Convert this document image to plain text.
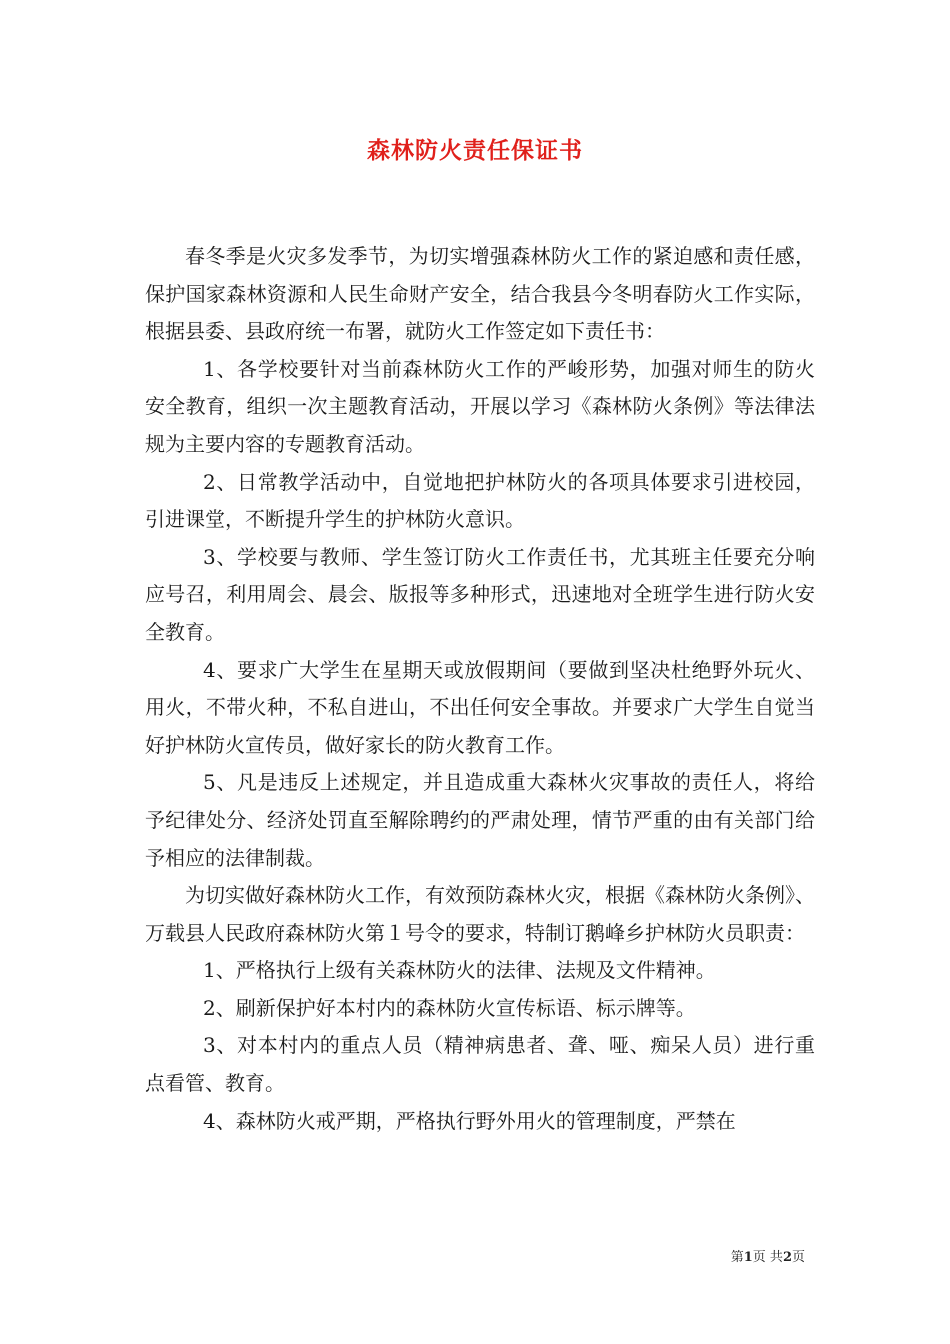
森林防火责任保证书

春冬季是火灾多发季节，为切实增强森林防火工作的紧迫感和责任感，保护国家森林资源和人民生命财产安全，结合我县今冬明春防火工作实际，根据县委、县政府统一布署，就防火工作签定如下责任书：

1、各学校要针对当前森林防火工作的严峻形势，加强对师生的防火安全教育，组织一次主题教育活动，开展以学习《森林防火条例》等法律法规为主要内容的专题教育活动。

2、日常教学活动中，自觉地把护林防火的各项具体要求引进校园，引进课堂，不断提升学生的护林防火意识。

3、学校要与教师、学生签订防火工作责任书，尤其班主任要充分响应号召，利用周会、晨会、版报等多种形式，迅速地对全班学生进行防火安全教育。

4、要求广大学生在星期天或放假期间（要做到坚决杜绝野外玩火、用火，不带火种，不私自进山，不出任何安全事故。并要求广大学生自觉当好护林防火宣传员，做好家长的防火教育工作。

5、凡是违反上述规定，并且造成重大森林火灾事故的责任人，将给予纪律处分、经济处罚直至解除聘约的严肃处理，情节严重的由有关部门给予相应的法律制裁。

为切实做好森林防火工作，有效预防森林火灾，根据《森林防火条例》、万载县人民政府森林防火第１号令的要求，特制订鹅峰乡护林防火员职责：

1、严格执行上级有关森林防火的法律、法规及文件精神。

2、刷新保护好本村内的森林防火宣传标语、标示牌等。

3、对本村内的重点人员（精神病患者、聋、哑、痴呆人员）进行重点看管、教育。

4、森林防火戒严期，严格执行野外用火的管理制度，严禁在

第1页 共2页
